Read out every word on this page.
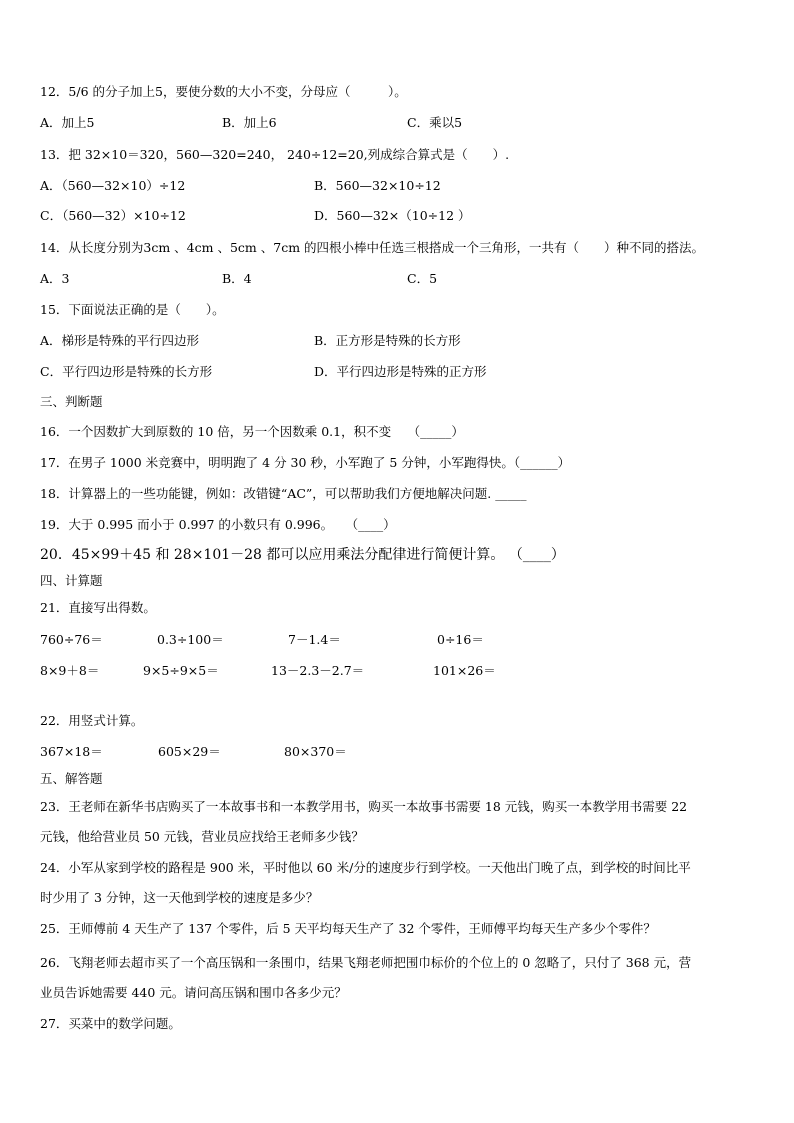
12．5/6 的分子加上5，要使分数的大小不变，分母应（　　　）。
A．加上5	B．加上6	C．乘以5
13．把 32×10＝320，560—320=240， 240÷12=20,列成综合算式是（　　）.
A．（560—32×10）÷12	B．560—32×10÷12
C．（560—32）×10÷12	D．560—32×（10÷12 ）
14．从长度分别为3cm 、4cm 、5cm 、7cm 的四根小棒中任选三根搭成一个三角形，一共有（　　）种不同的搭法。
A．3	B．4	C．5
15．下面说法正确的是（　　）。
A．梯形是特殊的平行四边形	B．正方形是特殊的长方形
C．平行四边形是特殊的长方形	D．平行四边形是特殊的正方形
三、判断题
16．一个因数扩大到原数的 10 倍，另一个因数乘 0.1，积不变　 （_____）
17．在男子 1000 米竞赛中，明明跑了 4 分 30 秒，小军跑了 5 分钟，小军跑得快。（______）
18．计算器上的一些功能键，例如：改错键“AC”，可以帮助我们方便地解决问题. _____
19．大于 0.995 而小于 0.997 的小数只有 0.996。　　（____）
20．45×99＋45 和 28×101－28 都可以应用乘法分配律进行简便计算。 （____）
四、计算题
21．直接写出得数。
760÷76＝	0.3÷100＝	7－1.4＝	0÷16＝
8×9＋8＝	9×5÷9×5＝	13－2.3－2.7＝	101×26＝
22．用竖式计算。
367×18＝	605×29＝	80×370＝
五、解答题
23．王老师在新华书店购买了一本故事书和一本教学用书，购买一本故事书需要 18 元钱，购买一本教学用书需要 22
元钱，他给营业员 50 元钱，营业员应找给王老师多少钱？
24．小军从家到学校的路程是 900 米，平时他以 60 米/分的速度步行到学校。一天他出门晚了点，到学校的时间比平
时少用了 3 分钟，这一天他到学校的速度是多少？
25．王师傅前 4 天生产了 137 个零件，后 5 天平均每天生产了 32 个零件，王师傅平均每天生产多少个零件？
26．飞翔老师去超市买了一个高压锅和一条围巾，结果飞翔老师把围巾标价的个位上的 0 忽略了，只付了 368 元，营
业员告诉她需要 440 元。请问高压锅和围巾各多少元？
27．买菜中的数学问题。
